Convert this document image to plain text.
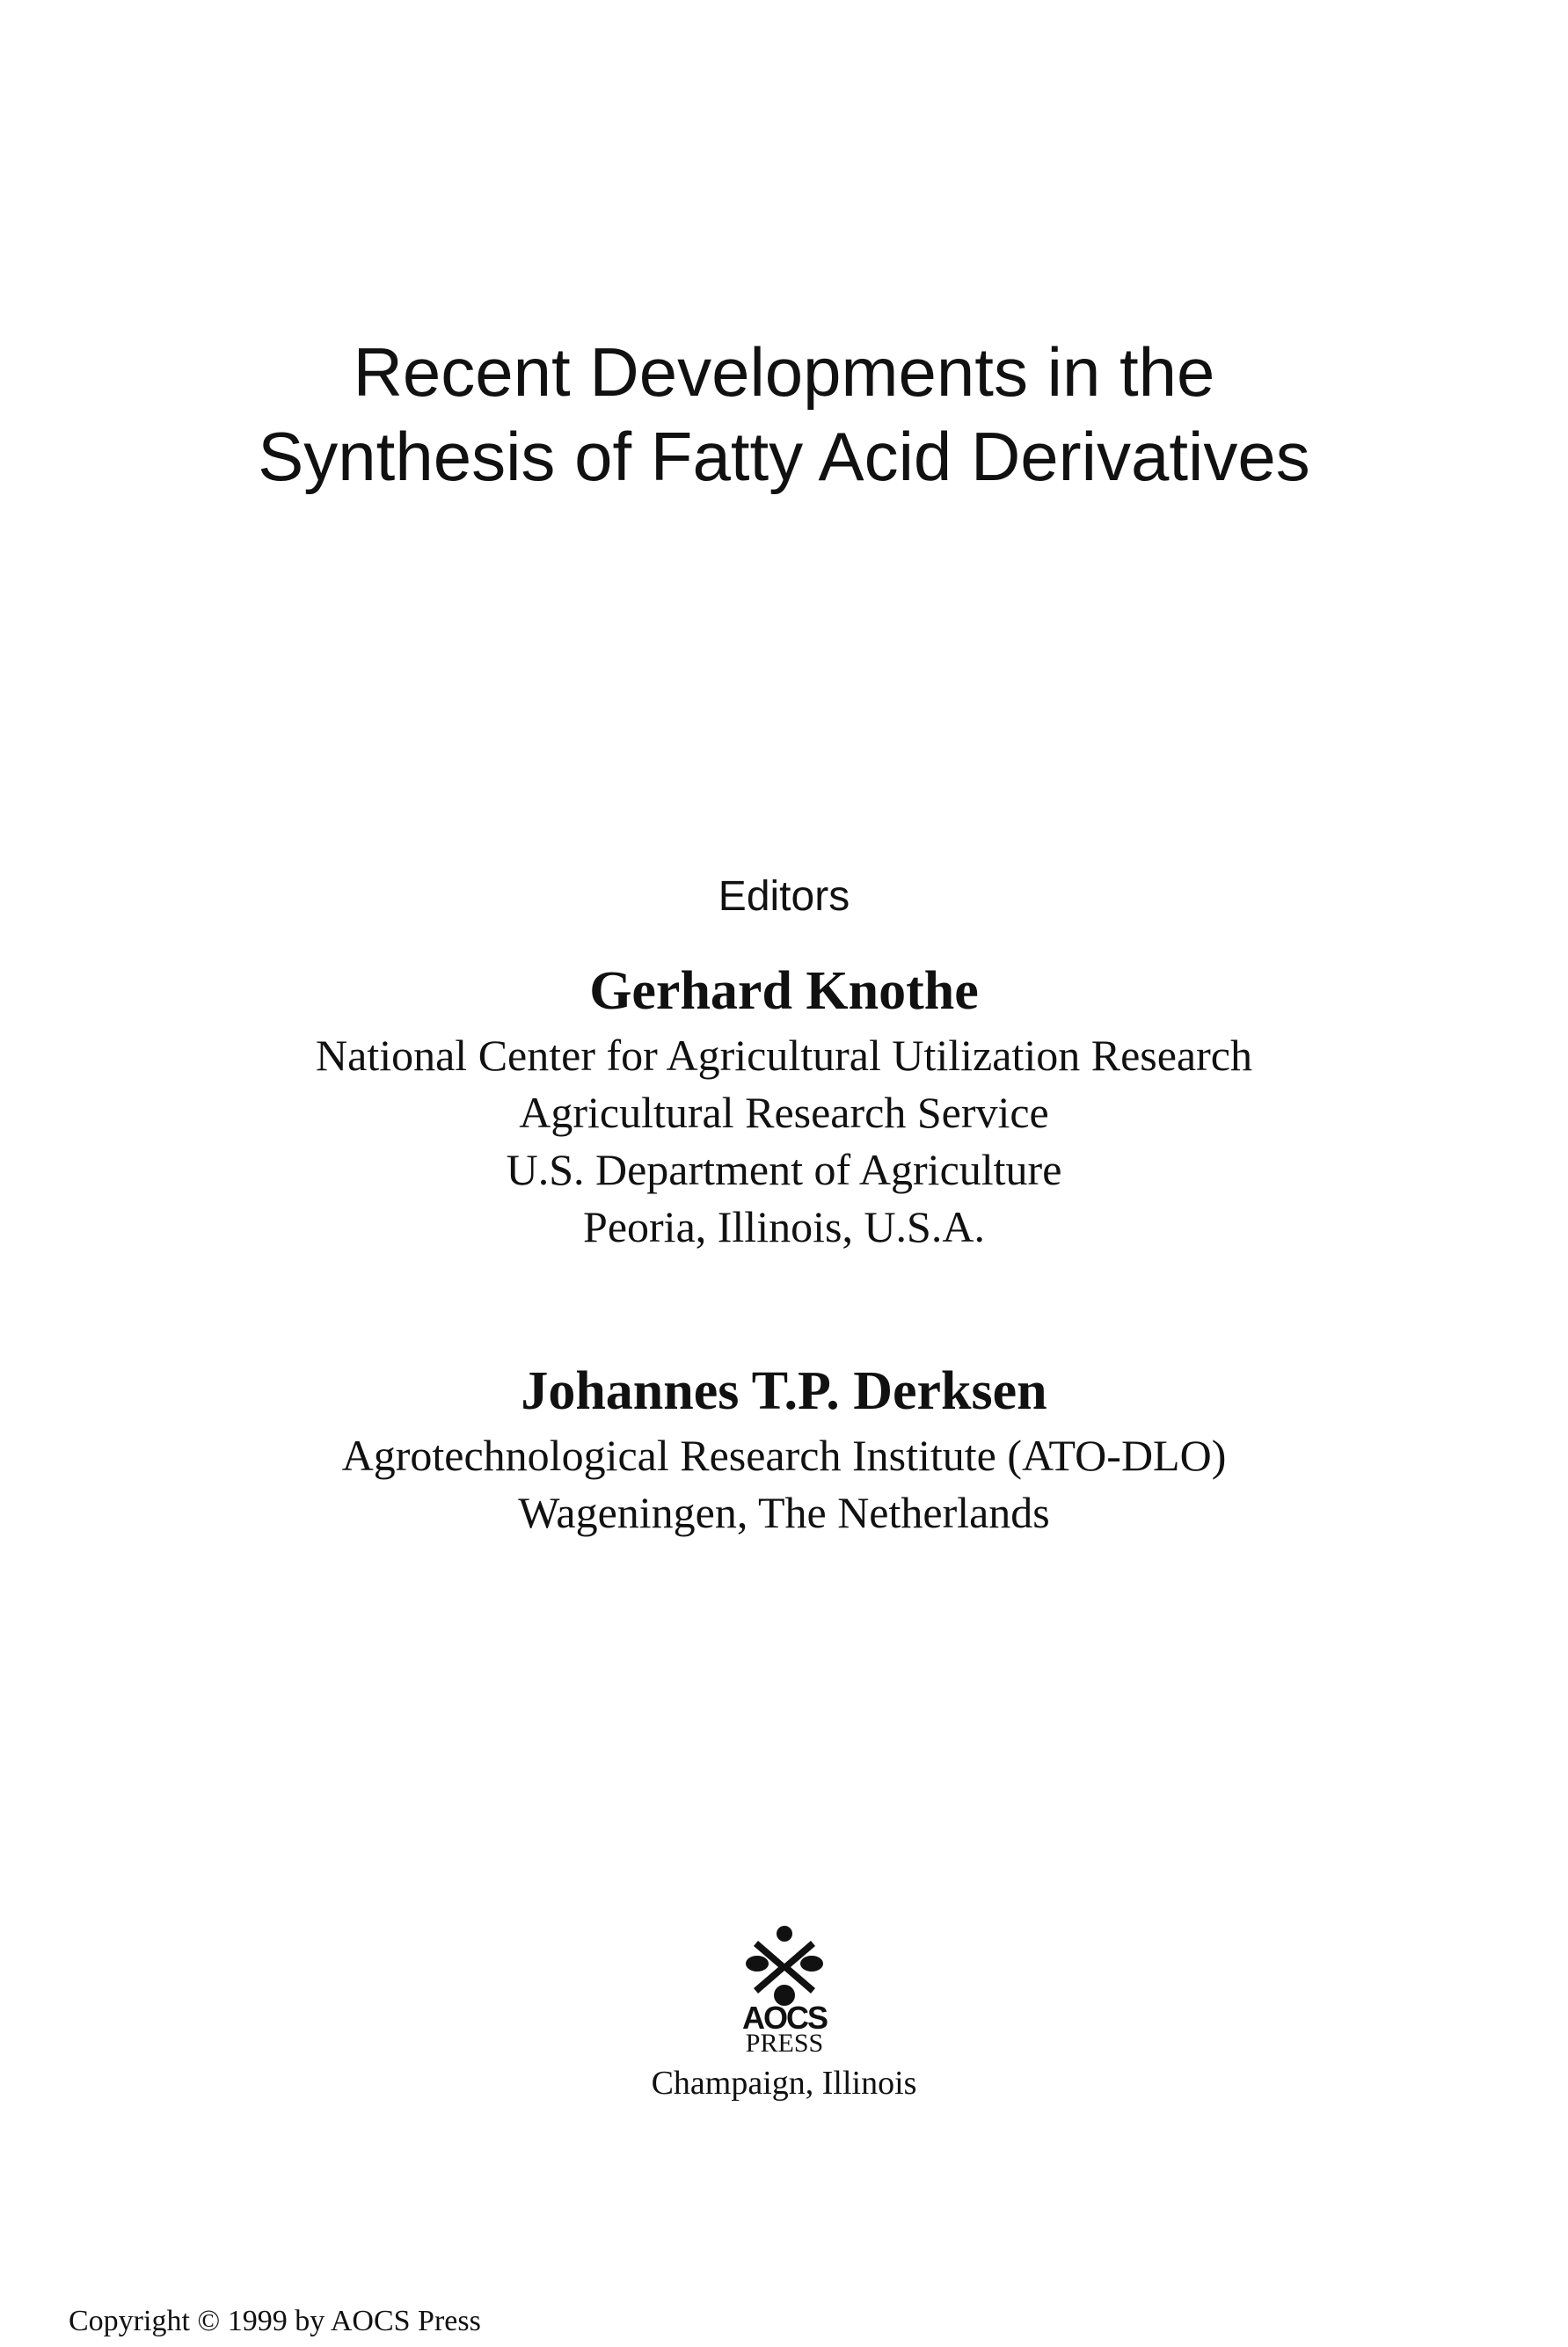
Recent Developments in the
Synthesis of Fatty Acid Derivatives
Editors
Gerhard Knothe
National Center for Agricultural Utilization Research
Agricultural Research Service
U.S. Department of Agriculture
Peoria, Illinois, U.S.A.
Johannes T.P. Derksen
Agrotechnological Research Institute (ATO-DLO)
Wageningen, The Netherlands
AOCS
PRESS
Champaign, Illinois
Copyright © 1999 by AOCS Press
